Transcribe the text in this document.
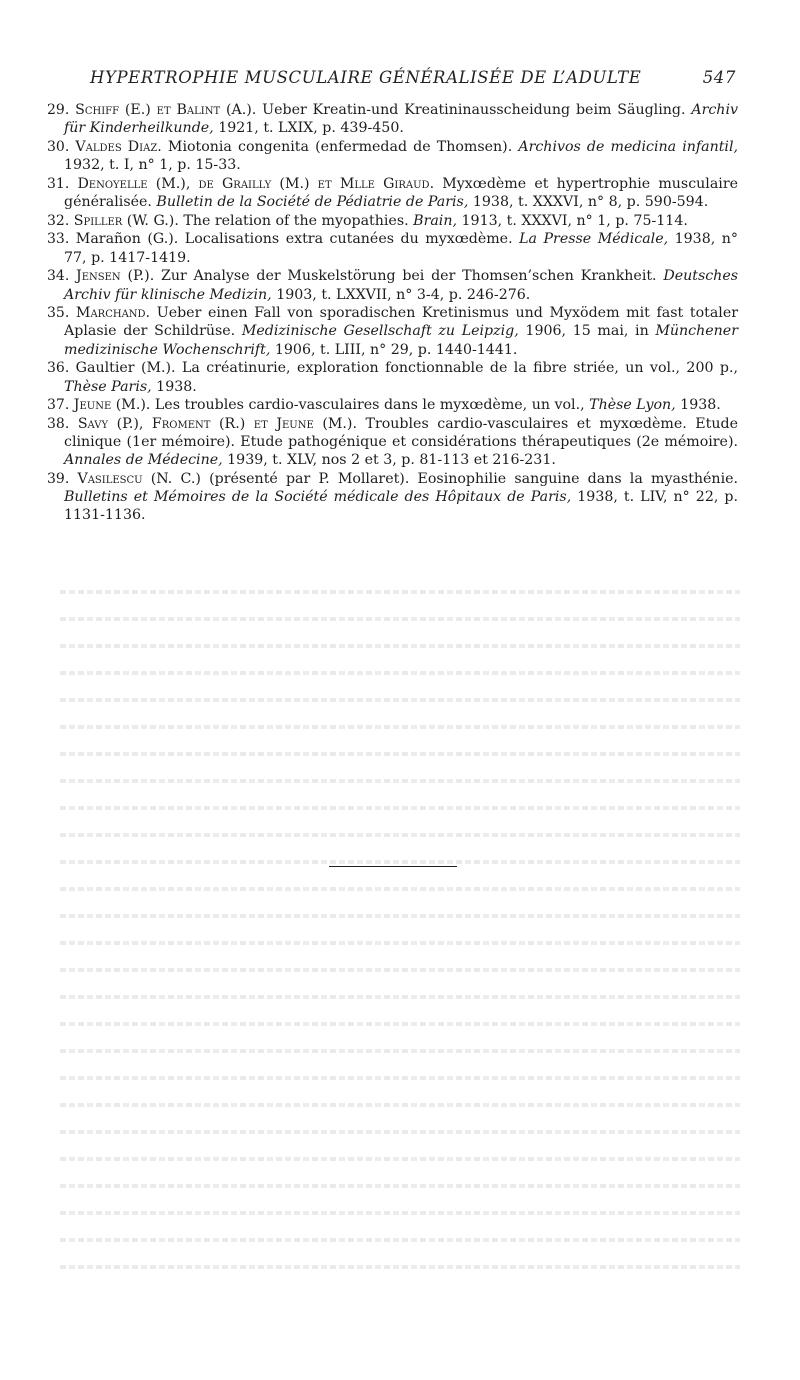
HYPERTROPHIE MUSCULAIRE GÉNÉRALISÉE DE L’ADULTE	547

29. Schiff (E.) et Balint (A.). Ueber Kreatin-und Kreatininausscheidung beim Säugling. Archiv für Kinderheilkunde, 1921, t. LXIX, p. 439-450.

30. Valdes Diaz. Miotonia congenita (enfermedad de Thomsen). Archivos de medicina infantil, 1932, t. I, n° 1, p. 15-33.

31. Denoyelle (M.), de Grailly (M.) et Mlle Giraud. Myxœdème et hypertrophie musculaire généralisée. Bulletin de la Société de Pédiatrie de Paris, 1938, t. XXXVI, n° 8, p. 590-594.

32. Spiller (W. G.). The relation of the myopathies. Brain, 1913, t. XXXVI, n° 1, p. 75-114.

33. Marañon (G.). Localisations extra cutanées du myxœdème. La Presse Médicale, 1938, n° 77, p. 1417-1419.

34. Jensen (P.). Zur Analyse der Muskelstörung bei der Thomsen’schen Krankheit. Deutsches Archiv für klinische Medizin, 1903, t. LXXVII, n° 3-4, p. 246-276.

35. Marchand. Ueber einen Fall von sporadischen Kretinismus und Myxödem mit fast totaler Aplasie der Schildrüse. Medizinische Gesellschaft zu Leipzig, 1906, 15 mai, in Münchener medizinische Wochenschrift, 1906, t. LIII, n° 29, p. 1440-1441.

36. Gaultier (M.). La créatinurie, exploration fonctionnable de la fibre striée, un vol., 200 p., Thèse Paris, 1938.

37. Jeune (M.). Les troubles cardio-vasculaires dans le myxœdème, un vol., Thèse Lyon, 1938.

38. Savy (P.), Froment (R.) et Jeune (M.). Troubles cardio-vasculaires et myxœdème. Etude clinique (1er mémoire). Etude pathogénique et considérations thérapeutiques (2e mémoire). Annales de Médecine, 1939, t. XLV, nos 2 et 3, p. 81-113 et 216-231.

39. Vasilescu (N. C.) (présenté par P. Mollaret). Eosinophilie sanguine dans la myasthénie. Bulletins et Mémoires de la Société médicale des Hôpitaux de Paris, 1938, t. LIV, n° 22, p. 1131-1136.
